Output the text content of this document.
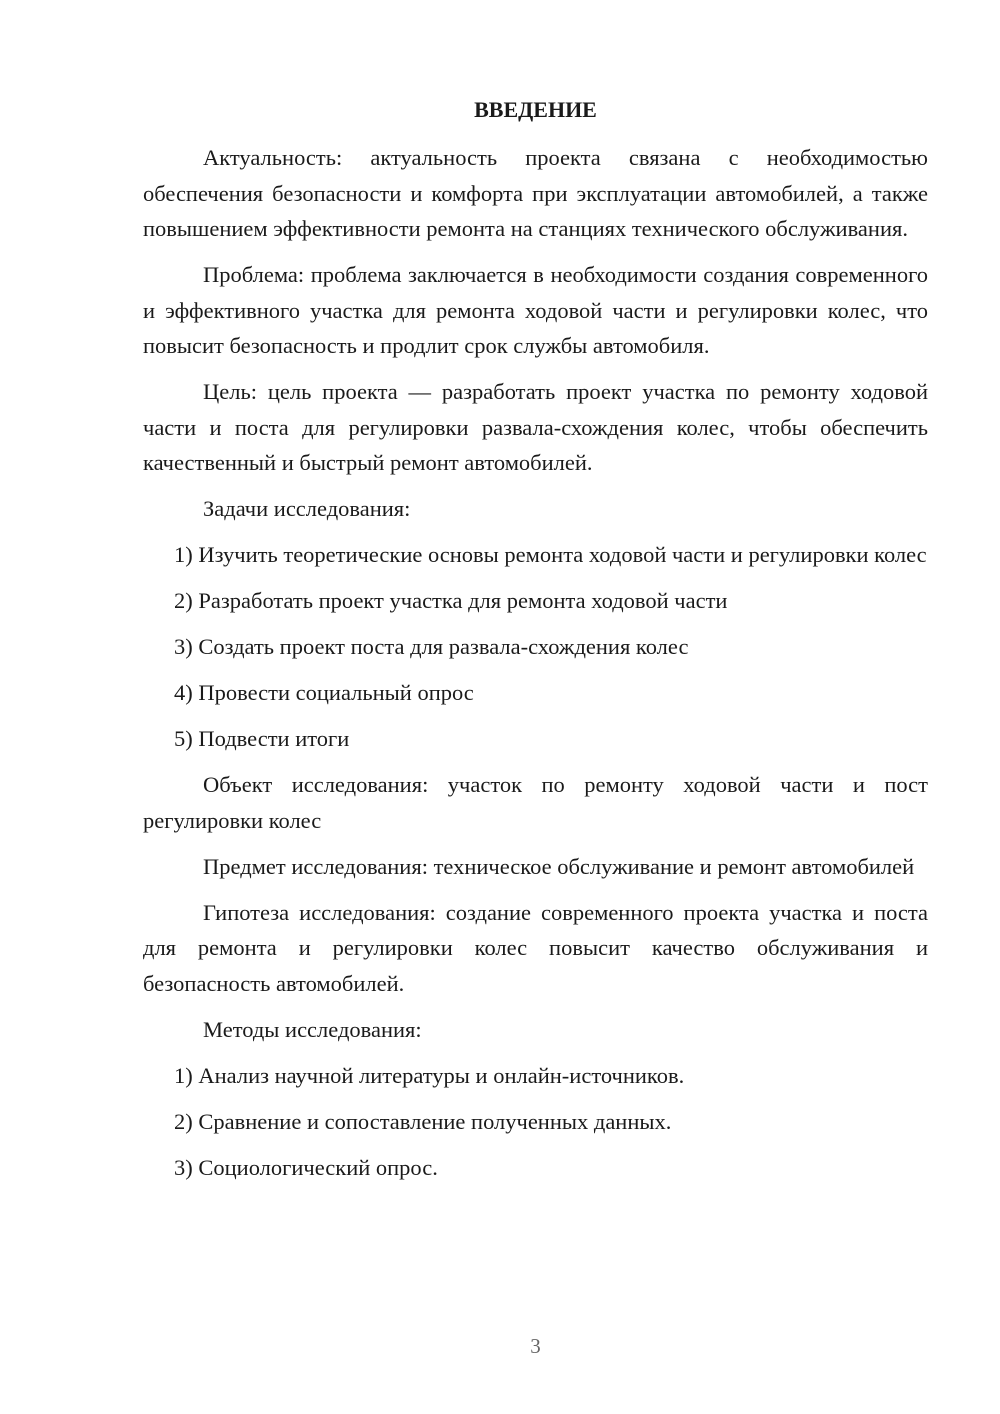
ВВЕДЕНИЕ

Актуальность: актуальность проекта связана с необходимостью обеспечения безопасности и комфорта при эксплуатации автомобилей, а также повышением эффективности ремонта на станциях технического обслуживания.

Проблема: проблема заключается в необходимости создания современного и эффективного участка для ремонта ходовой части и регулировки колес, что повысит безопасность и продлит срок службы автомобиля.

Цель: цель проекта — разработать проект участка по ремонту ходовой части и поста для регулировки развала-схождения колес, чтобы обеспечить качественный и быстрый ремонт автомобилей.

Задачи исследования:

1) Изучить теоретические основы ремонта ходовой части и регулировки колес

2) Разработать проект участка для ремонта ходовой части

3) Создать проект поста для развала-схождения колес

4) Провести социальный опрос

5) Подвести итоги

Объект исследования: участок по ремонту ходовой части и пост регулировки колес

Предмет исследования: техническое обслуживание и ремонт автомобилей

Гипотеза исследования: создание современного проекта участка и поста для ремонта и регулировки колес повысит качество обслуживания и безопасность автомобилей.

Методы исследования:

1) Анализ научной литературы и онлайн-источников.

2) Сравнение и сопоставление полученных данных.

3) Социологический опрос.

3
